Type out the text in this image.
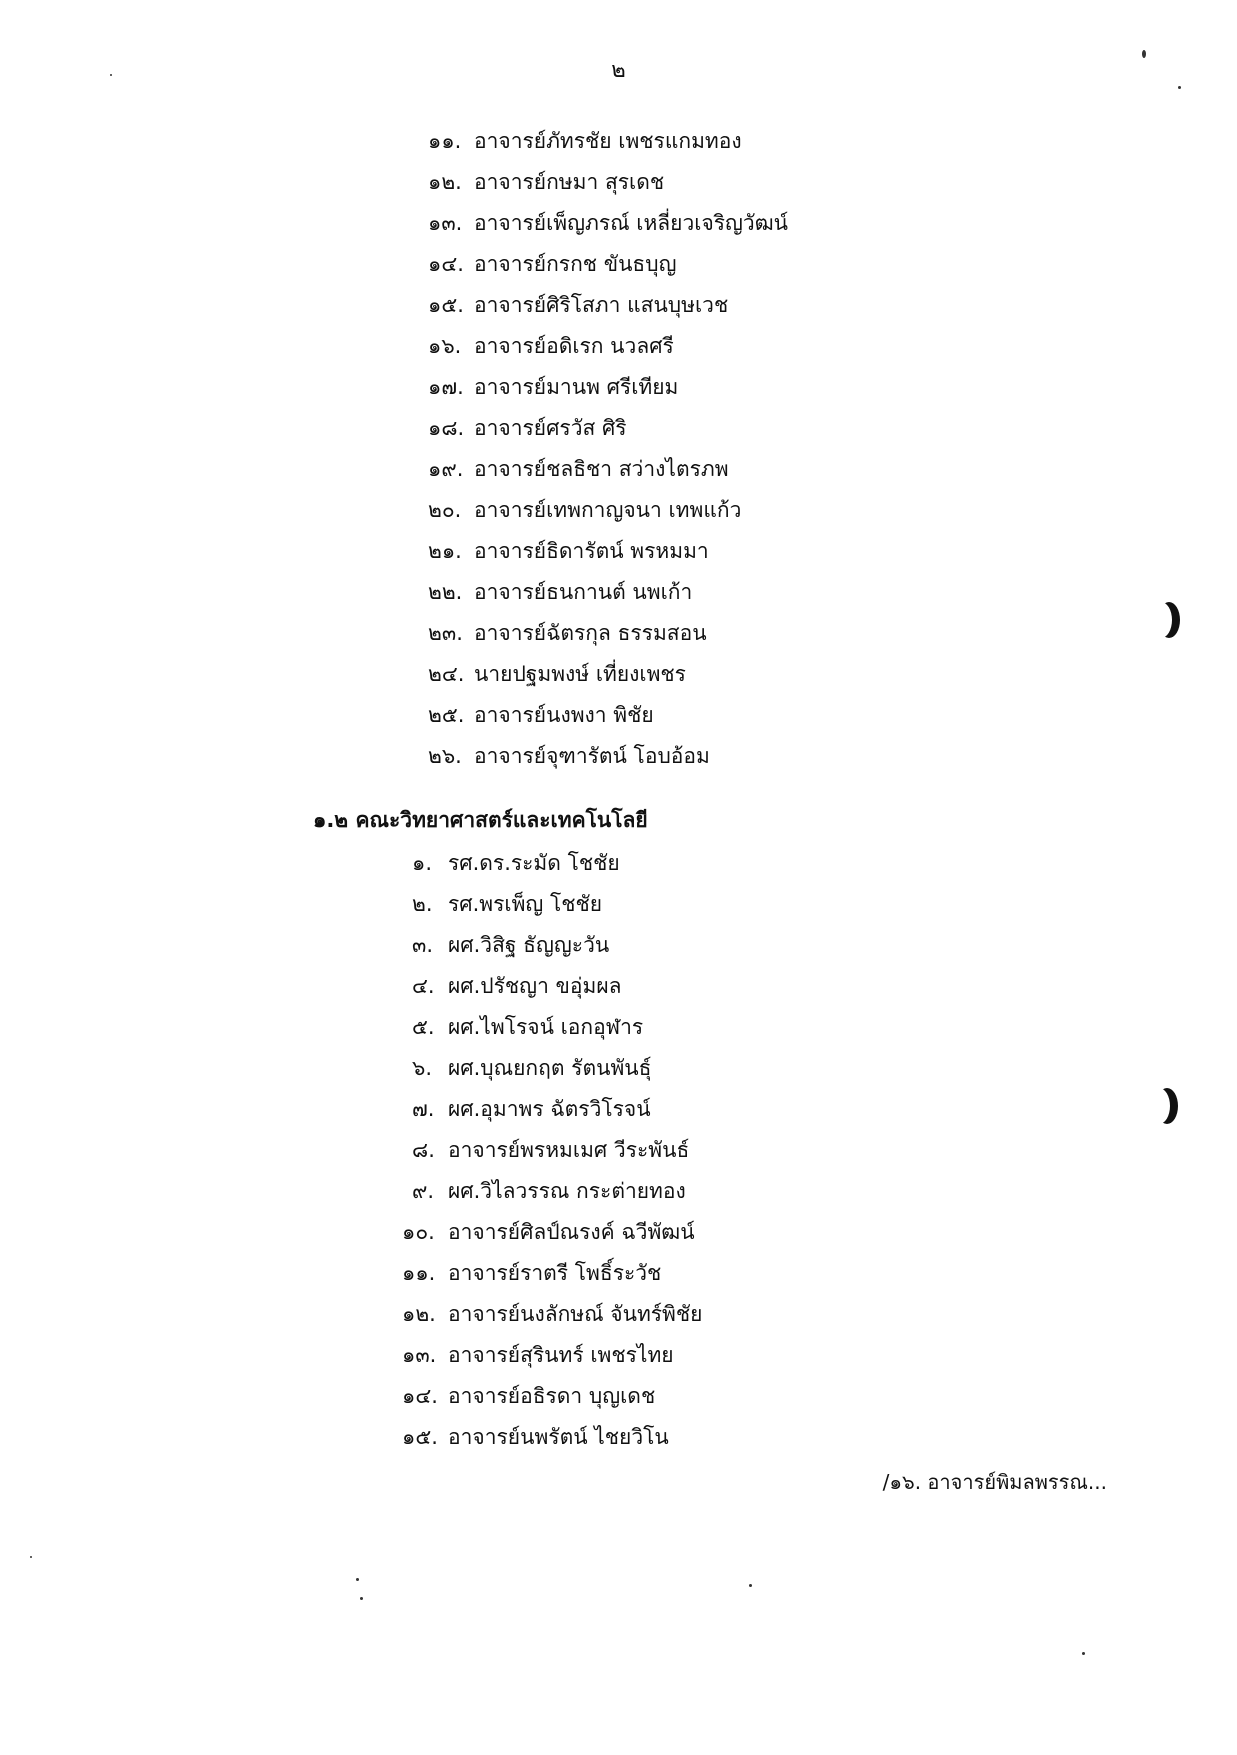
๒
๑๑. อาจารย์ภัทรชัย เพชรแกมทอง
๑๒. อาจารย์กษมา สุรเดช
๑๓. อาจารย์เพ็ญภรณ์ เหลี่ยวเจริญวัฒน์
๑๔. อาจารย์กรกช ขันธบุญ
๑๕. อาจารย์ศิริโสภา แสนบุษเวช
๑๖. อาจารย์อดิเรก นวลศรี
๑๗. อาจารย์มานพ ศรีเทียม
๑๘. อาจารย์ศรวัส ศิริ
๑๙. อาจารย์ชลธิชา สว่างไตรภพ
๒๐. อาจารย์เทพกาญจนา เทพแก้ว
๒๑. อาจารย์ธิดารัตน์ พรหมมา
๒๒. อาจารย์ธนกานต์ นพเก้า
๒๓. อาจารย์ฉัตรกุล ธรรมสอน
๒๔. นายปฐมพงษ์ เที่ยงเพชร
๒๕. อาจารย์นงพงา พิชัย
๒๖. อาจารย์จุฑารัตน์ โอบอ้อม
๑.๒ คณะวิทยาศาสตร์และเทคโนโลยี
๑. รศ.ดร.ระมัด โชชัย
๒. รศ.พรเพ็ญ โชชัย
๓. ผศ.วิสิฐ ธัญญะวัน
๔. ผศ.ปรัชญา ขอุ่มผล
๕. ผศ.ไพโรจน์ เอกอุฬาร
๖. ผศ.บุณยกฤต รัตนพันธุ์
๗. ผศ.อุมาพร ฉัตรวิโรจน์
๘. อาจารย์พรหมเมศ วีระพันธ์
๙. ผศ.วิไลวรรณ กระต่ายทอง
๑๐. อาจารย์ศิลป์ณรงค์ ฉวีพัฒน์
๑๑. อาจารย์ราตรี โพธิ์ระวัช
๑๒. อาจารย์นงลักษณ์ จันทร์พิชัย
๑๓. อาจารย์สุรินทร์ เพชรไทย
๑๔. อาจารย์อธิรดา บุญเดช
๑๕. อาจารย์นพรัตน์ ไชยวิโน
/๑๖. อาจารย์พิมลพรรณ...
